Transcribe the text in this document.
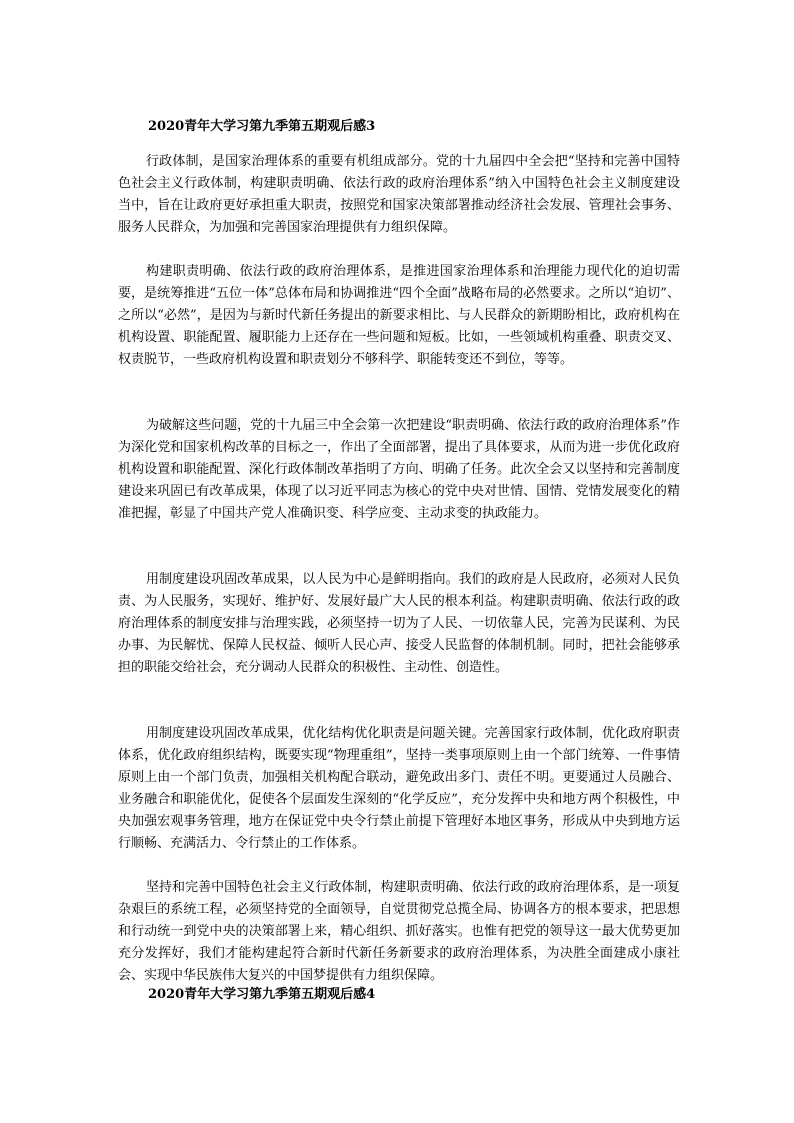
2020青年大学习第九季第五期观后感3

行政体制，是国家治理体系的重要有机组成部分。党的十九届四中全会把“坚持和完善中国特色社会主义行政体制，构建职责明确、依法行政的政府治理体系”纳入中国特色社会主义制度建设当中，旨在让政府更好承担重大职责，按照党和国家决策部署推动经济社会发展、管理社会事务、服务人民群众，为加强和完善国家治理提供有力组织保障。

构建职责明确、依法行政的政府治理体系，是推进国家治理体系和治理能力现代化的迫切需要，是统筹推进“五位一体”总体布局和协调推进“四个全面”战略布局的必然要求。之所以“迫切”、之所以“必然”，是因为与新时代新任务提出的新要求相比、与人民群众的新期盼相比，政府机构在机构设置、职能配置、履职能力上还存在一些问题和短板。比如，一些领域机构重叠、职责交叉、权责脱节，一些政府机构设置和职责划分不够科学、职能转变还不到位，等等。

为破解这些问题，党的十九届三中全会第一次把建设“职责明确、依法行政的政府治理体系”作为深化党和国家机构改革的目标之一，作出了全面部署，提出了具体要求，从而为进一步优化政府机构设置和职能配置、深化行政体制改革指明了方向、明确了任务。此次全会又以坚持和完善制度建设来巩固已有改革成果，体现了以习近平同志为核心的党中央对世情、国情、党情发展变化的精准把握，彰显了中国共产党人准确识变、科学应变、主动求变的执政能力。

用制度建设巩固改革成果，以人民为中心是鲜明指向。我们的政府是人民政府，必须对人民负责、为人民服务，实现好、维护好、发展好最广大人民的根本利益。构建职责明确、依法行政的政府治理体系的制度安排与治理实践，必须坚持一切为了人民、一切依靠人民，完善为民谋利、为民办事、为民解忧、保障人民权益、倾听人民心声、接受人民监督的体制机制。同时，把社会能够承担的职能交给社会，充分调动人民群众的积极性、主动性、创造性。

用制度建设巩固改革成果，优化结构优化职责是问题关键。完善国家行政体制，优化政府职责体系，优化政府组织结构，既要实现“物理重组”，坚持一类事项原则上由一个部门统筹、一件事情原则上由一个部门负责，加强相关机构配合联动，避免政出多门、责任不明。更要通过人员融合、业务融合和职能优化，促使各个层面发生深刻的“化学反应”，充分发挥中央和地方两个积极性，中央加强宏观事务管理，地方在保证党中央令行禁止前提下管理好本地区事务，形成从中央到地方运行顺畅、充满活力、令行禁止的工作体系。

坚持和完善中国特色社会主义行政体制，构建职责明确、依法行政的政府治理体系，是一项复杂艰巨的系统工程，必须坚持党的全面领导，自觉贯彻党总揽全局、协调各方的根本要求，把思想和行动统一到党中央的决策部署上来，精心组织、抓好落实。也惟有把党的领导这一最大优势更加充分发挥好，我们才能构建起符合新时代新任务新要求的政府治理体系，为决胜全面建成小康社会、实现中华民族伟大复兴的中国梦提供有力组织保障。

2020青年大学习第九季第五期观后感4
